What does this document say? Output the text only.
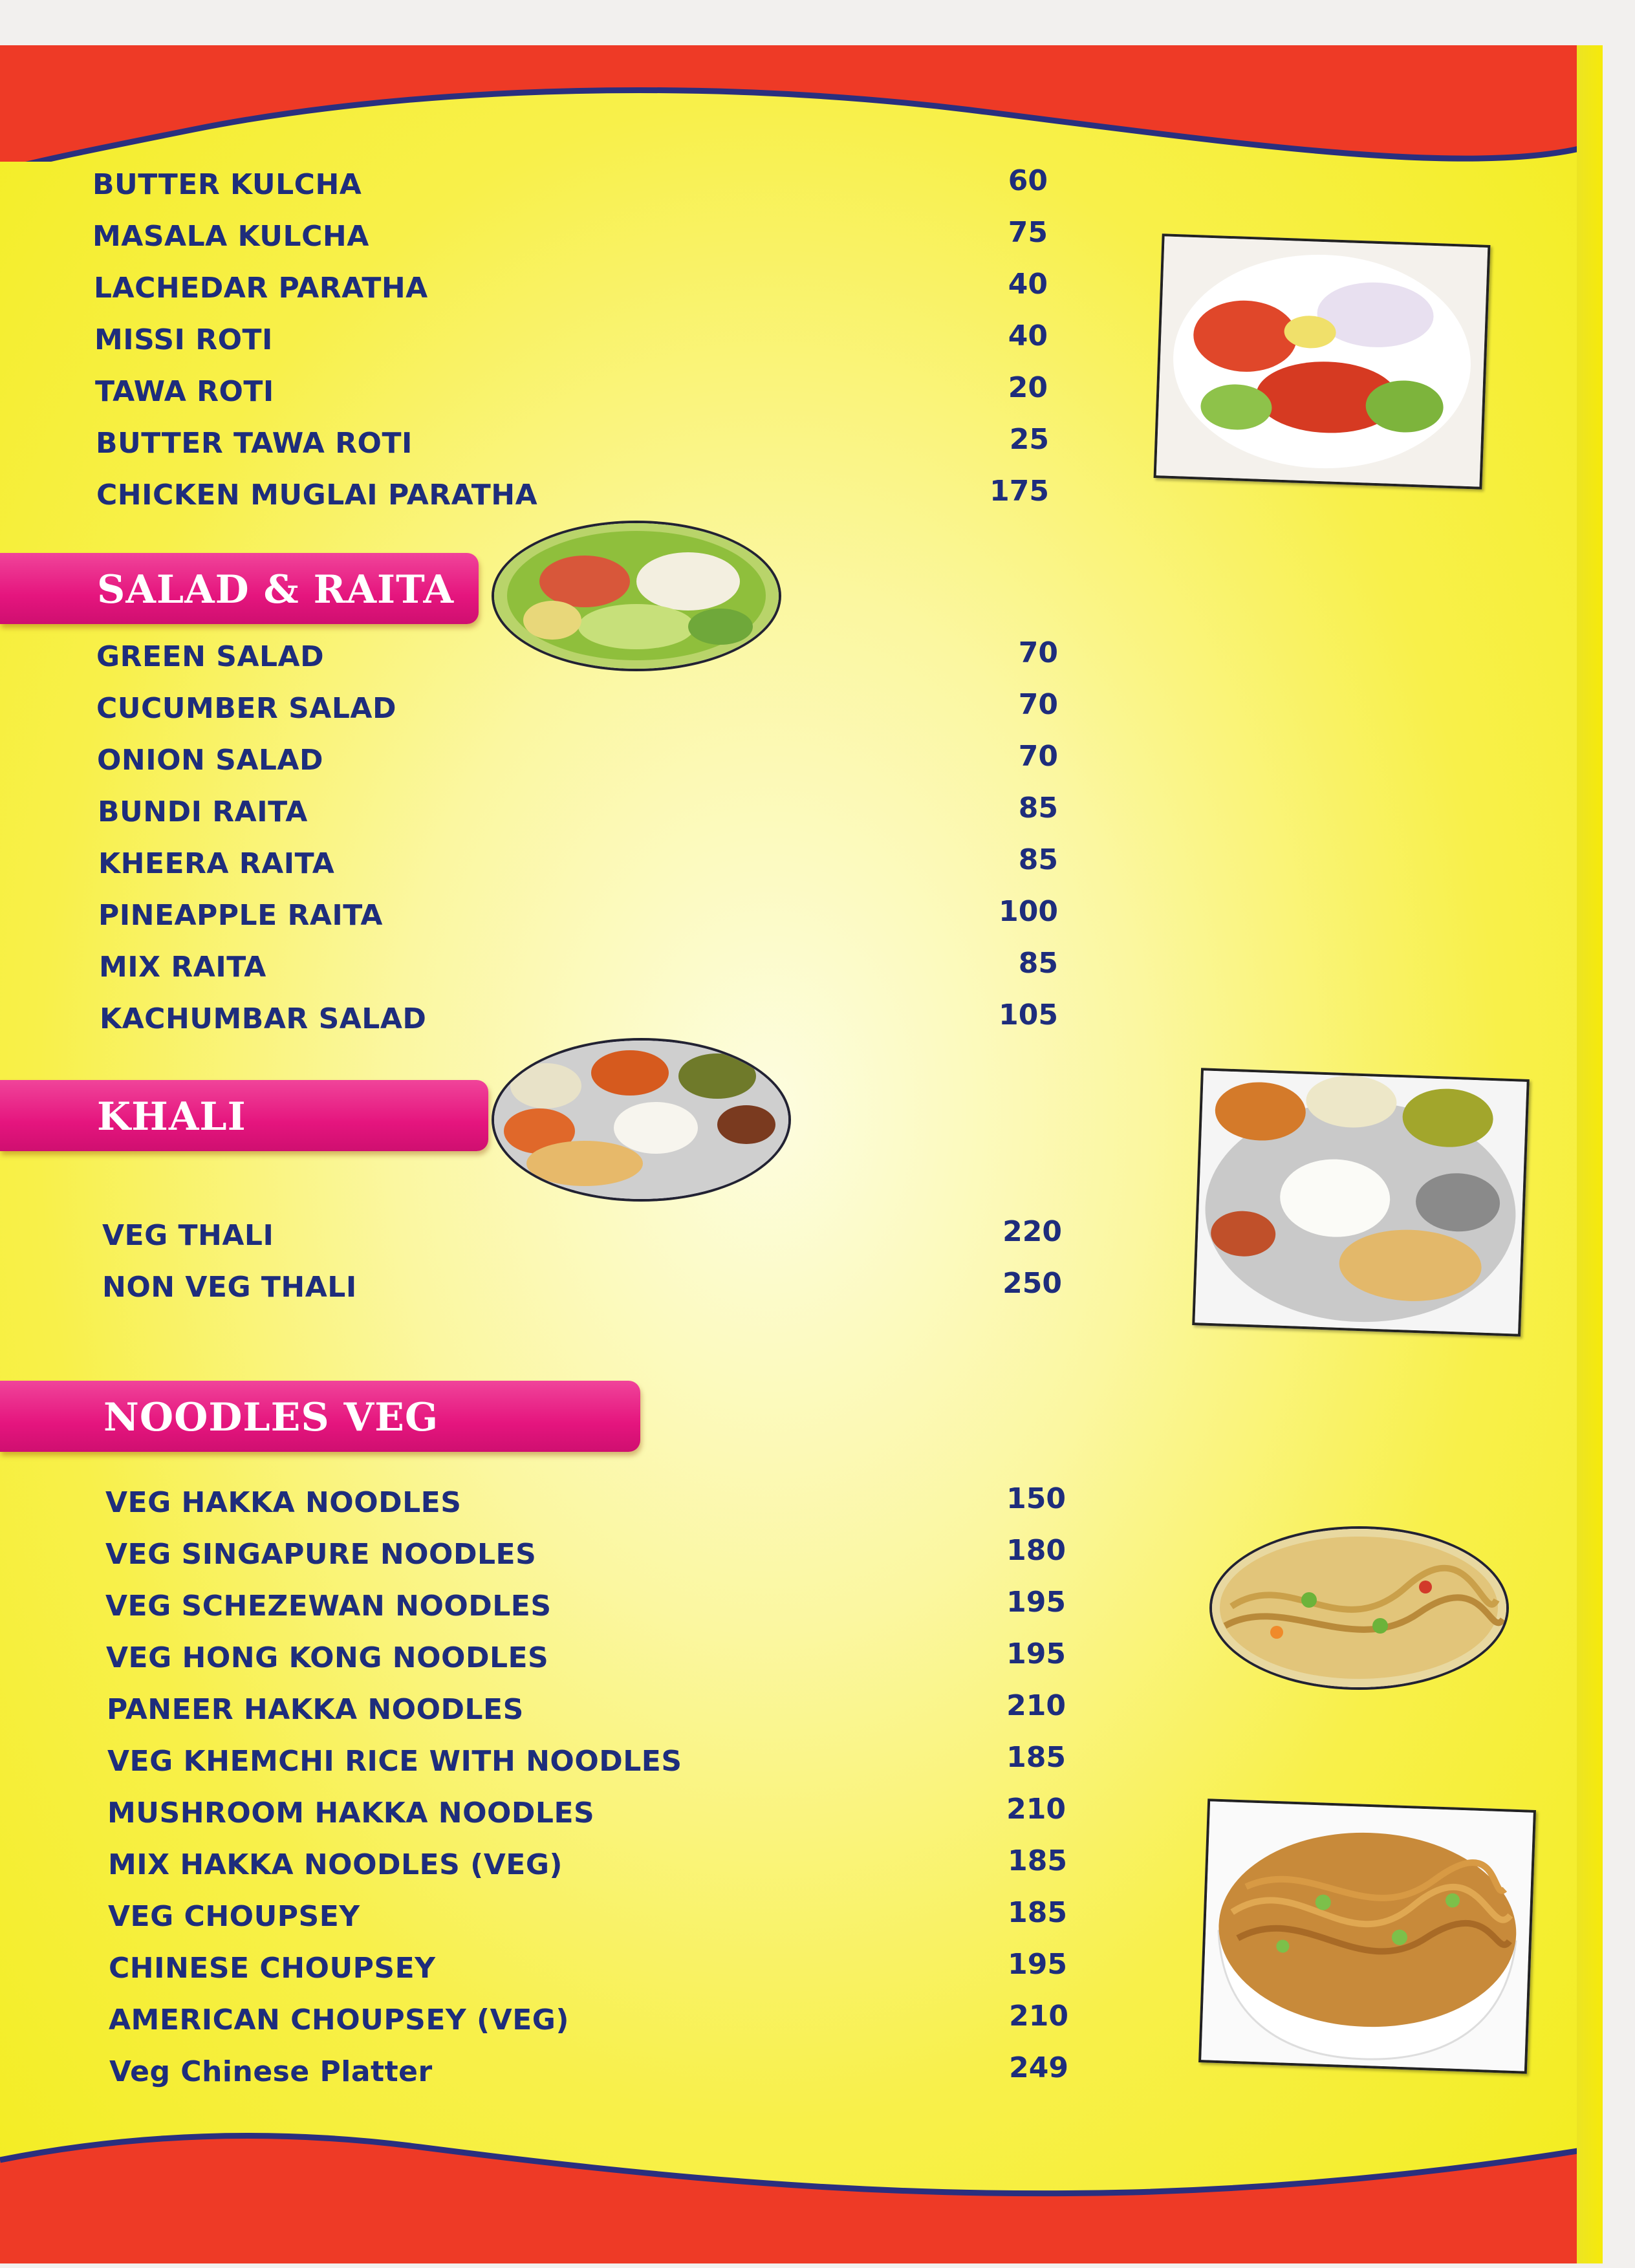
BUTTER KULCHA	60
MASALA KULCHA	75
LACHEDAR PARATHA	40
MISSI ROTI	40
TAWA ROTI	20
BUTTER TAWA ROTI	25
CHICKEN MUGLAI PARATHA	175
SALAD & RAITA
GREEN SALAD	70
CUCUMBER SALAD	70
ONION SALAD	70
BUNDI RAITA	85
KHEERA RAITA	85
PINEAPPLE RAITA	100
MIX RAITA	85
KACHUMBAR SALAD	105
KHALI
VEG THALI	220
NON VEG THALI	250
NOODLES VEG
VEG HAKKA NOODLES	150
VEG SINGAPURE NOODLES	180
VEG SCHEZEWAN NOODLES	195
VEG HONG KONG NOODLES	195
PANEER HAKKA NOODLES	210
VEG KHEMCHI RICE WITH NOODLES	185
MUSHROOM HAKKA NOODLES	210
MIX HAKKA NOODLES (VEG)	185
VEG CHOUPSEY	185
CHINESE CHOUPSEY	195
AMERICAN CHOUPSEY (VEG)	210
Veg Chinese Platter	249
